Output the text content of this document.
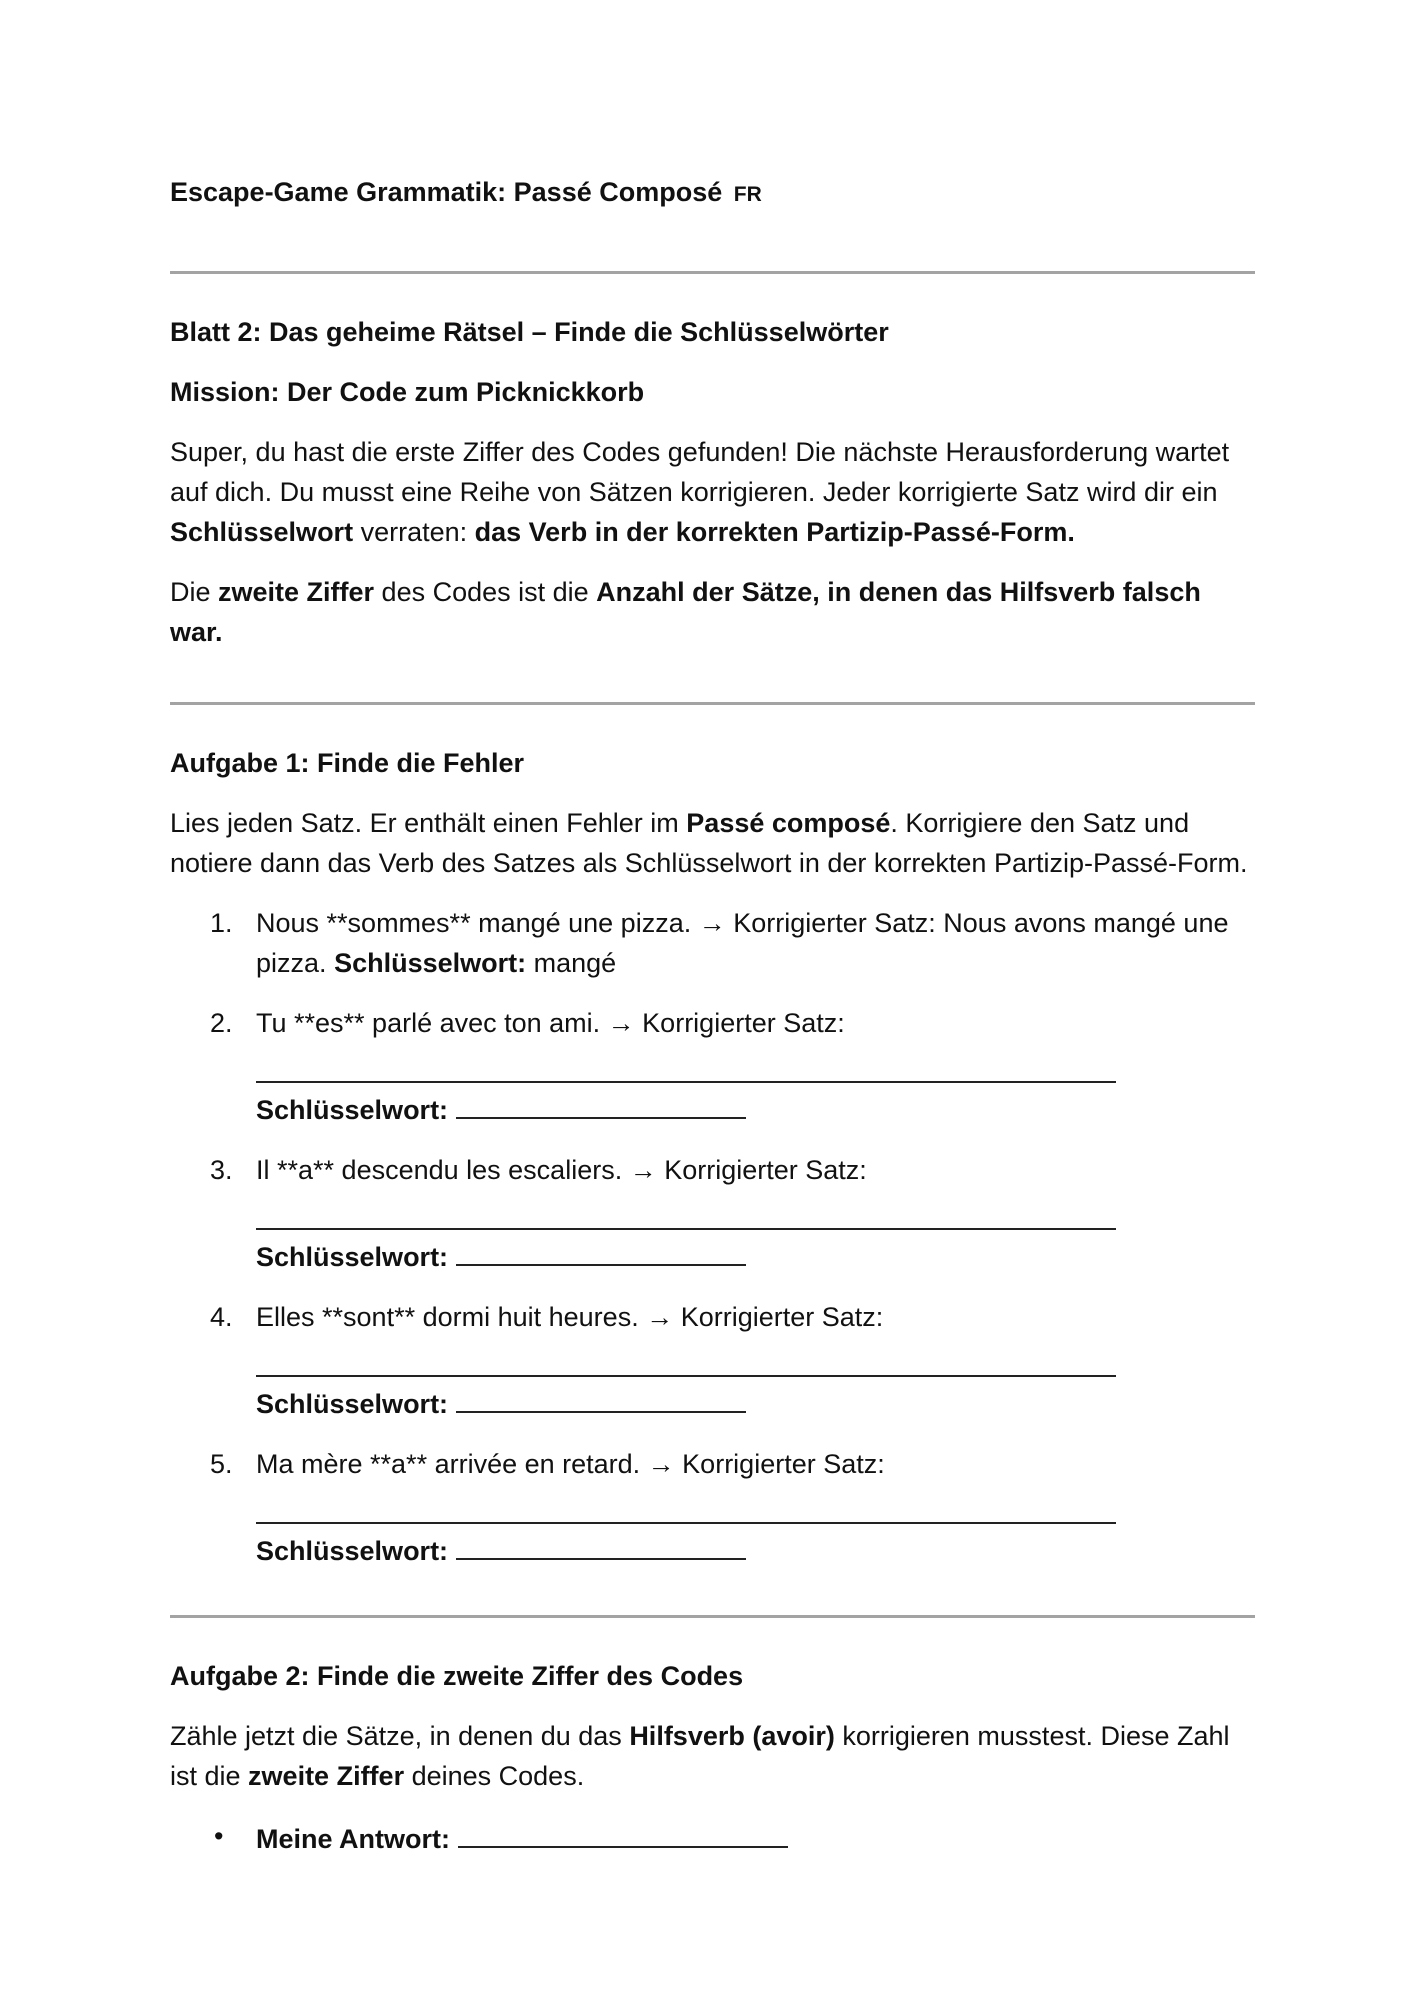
Escape-Game Grammatik: Passé Composé FR
Blatt 2: Das geheime Rätsel – Finde die Schlüsselwörter
Mission: Der Code zum Picknickkorb

Super, du hast die erste Ziffer des Codes gefunden! Die nächste Herausforderung wartet auf dich. Du musst eine Reihe von Sätzen korrigieren. Jeder korrigierte Satz wird dir ein Schlüsselwort verraten: das Verb in der korrekten Partizip-Passé-Form.

Die zweite Ziffer des Codes ist die Anzahl der Sätze, in denen das Hilfsverb falsch war.

Aufgabe 1: Finde die Fehler

Lies jeden Satz. Er enthält einen Fehler im Passé composé. Korrigiere den Satz und notiere dann das Verb des Satzes als Schlüsselwort in der korrekten Partizip-Passé-Form.

1. Nous **sommes** mangé une pizza. → Korrigierter Satz: Nous avons mangé une pizza. Schlüsselwort: mangé
2. Tu **es** parlé avec ton ami. → Korrigierter Satz:
Schlüsselwort:
3. Il **a** descendu les escaliers. → Korrigierter Satz:
Schlüsselwort:
4. Elles **sont** dormi huit heures. → Korrigierter Satz:
Schlüsselwort:
5. Ma mère **a** arrivée en retard. → Korrigierter Satz:
Schlüsselwort:
Aufgabe 2: Finde die zweite Ziffer des Codes

Zähle jetzt die Sätze, in denen du das Hilfsverb (avoir) korrigieren musstest. Diese Zahl ist die zweite Ziffer deines Codes.

• Meine Antwort:
